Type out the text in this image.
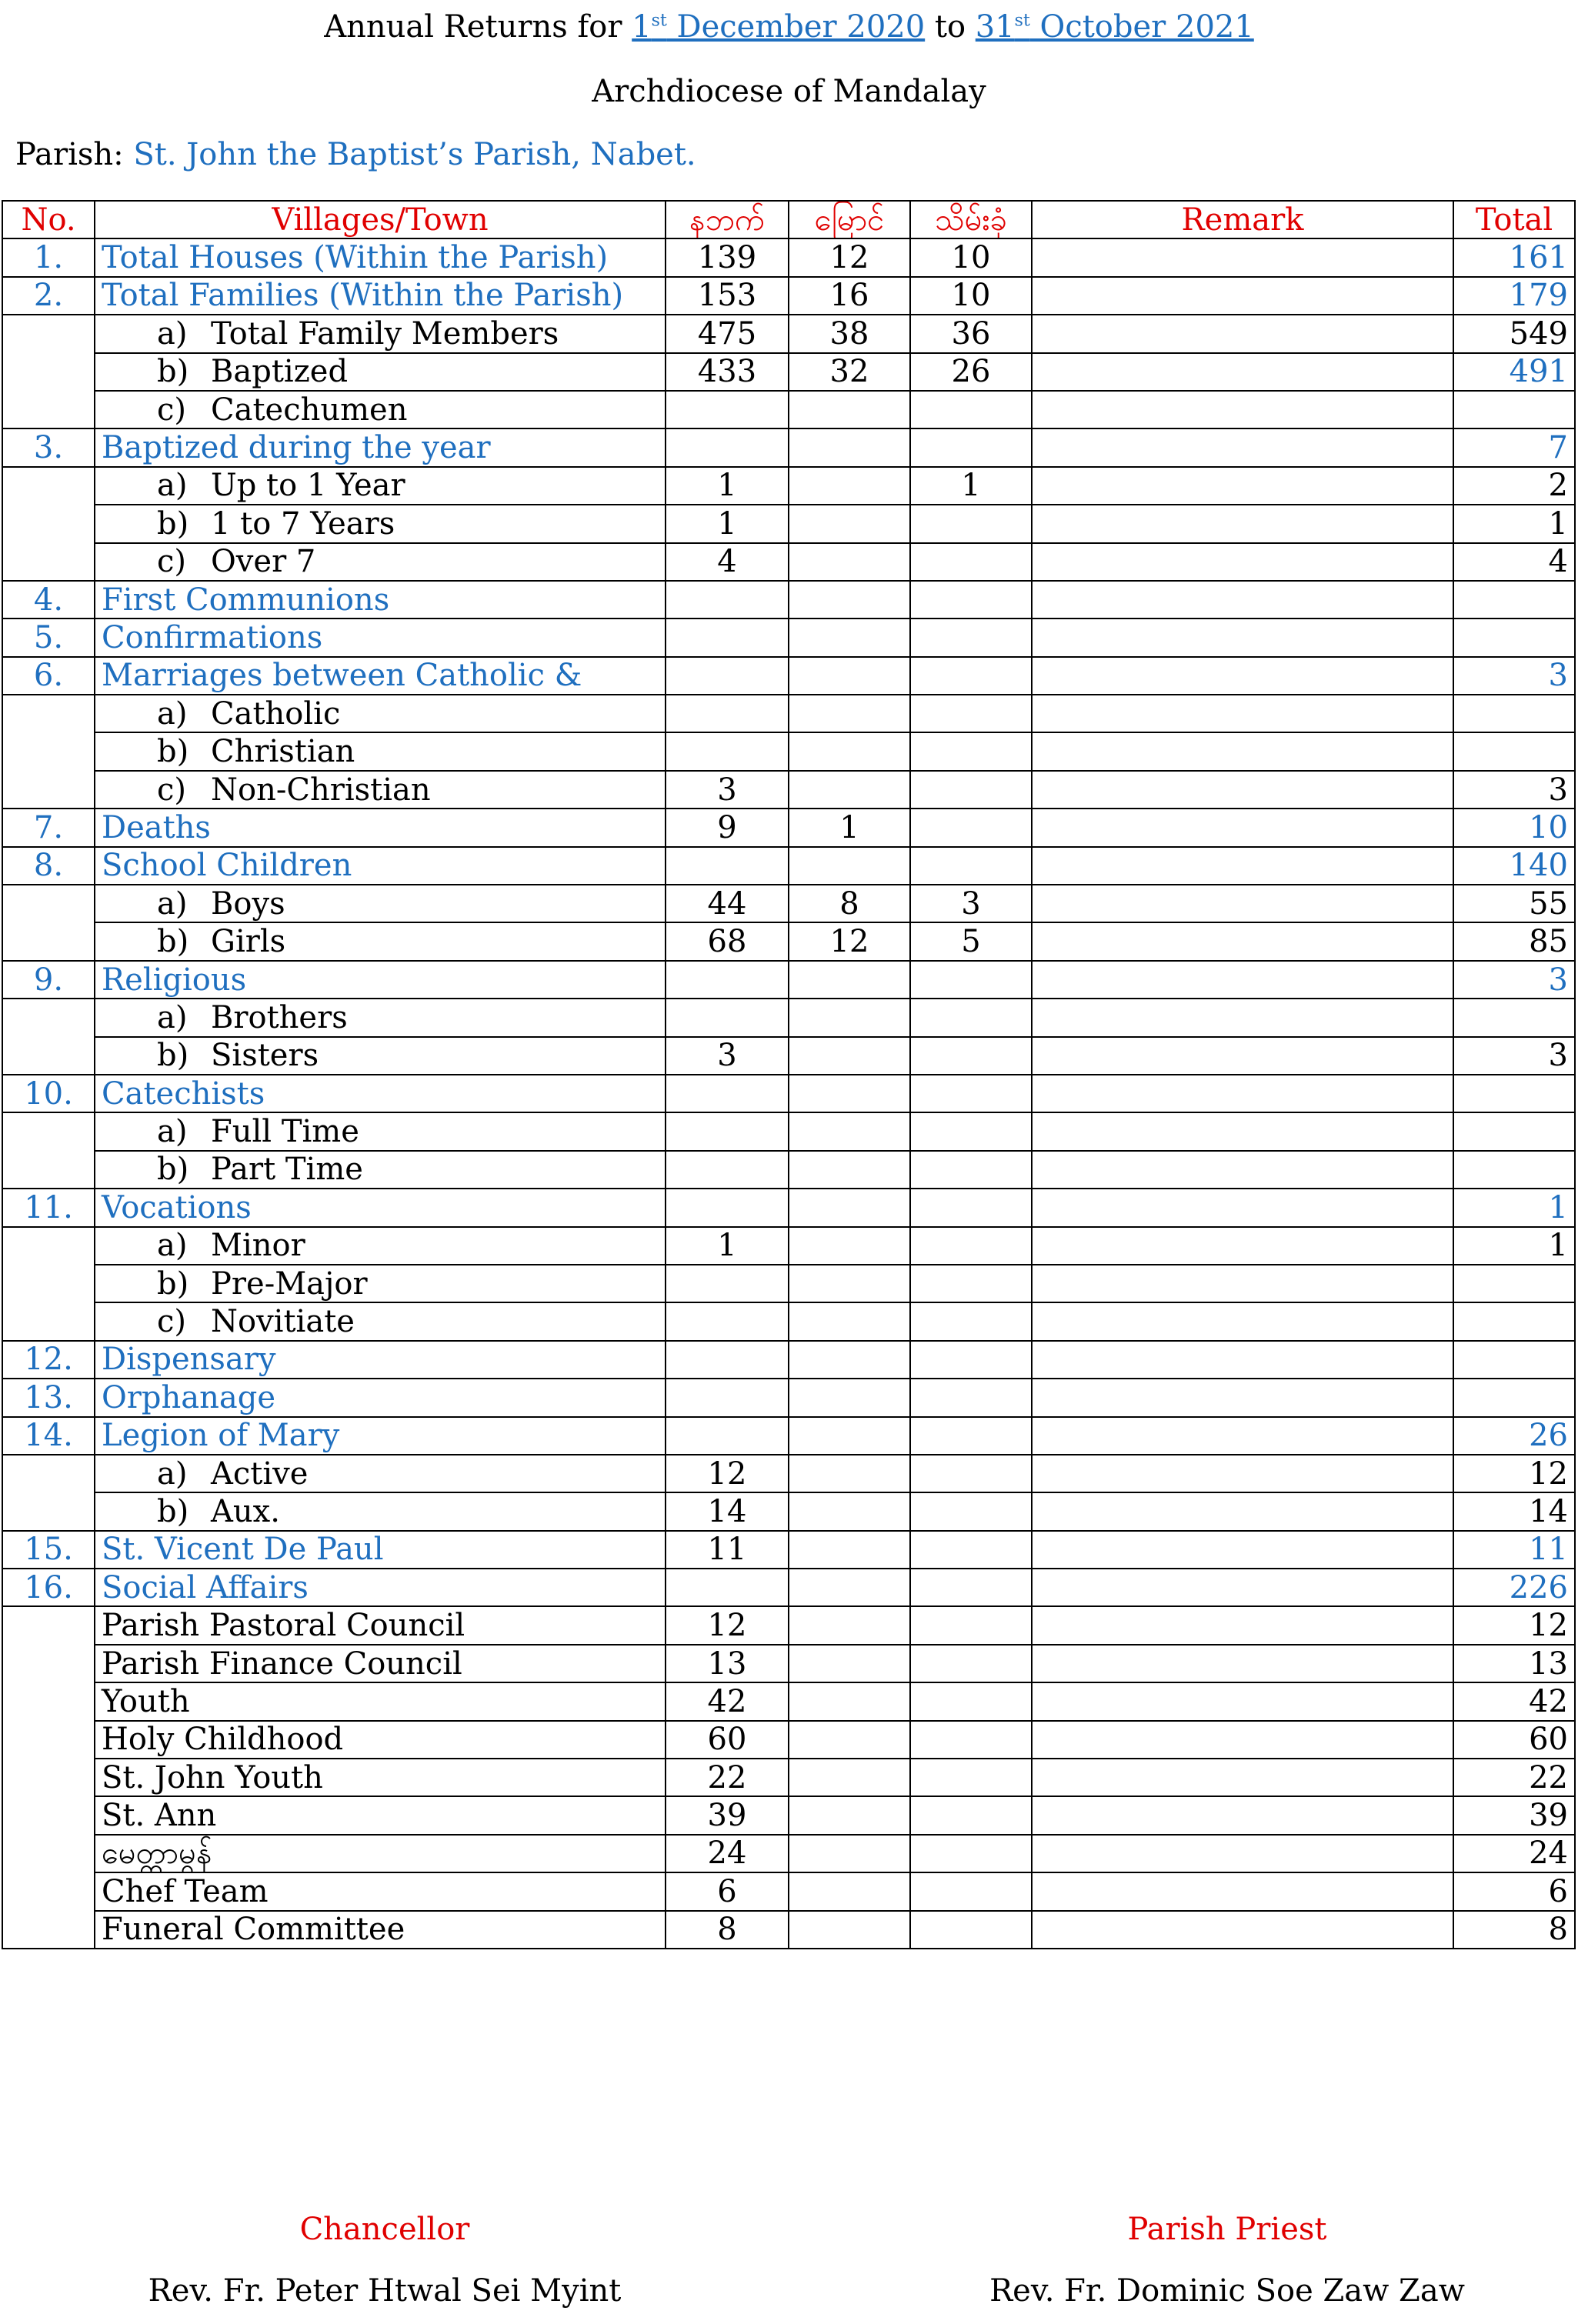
Annual Returns for 1st December 2020 to 31st October 2021
Archdiocese of Mandalay
Parish: St. John the Baptist’s Parish, Nabet.
No.	Villages/Town	နဘက်	မြောင်	သိမ်းခုံ	Remark	Total
1.	Total Houses (Within the Parish)	139	12	10		161
2.	Total Families (Within the Parish)	153	16	10		179
	a) Total Family Members	475	38	36		549
	b) Baptized	433	32	26		491
	c) Catechumen					
3.	Baptized during the year					7
	a) Up to 1 Year	1		1		2
	b) 1 to 7 Years	1				1
	c) Over 7	4				4
4.	First Communions					
5.	Confirmations					
6.	Marriages between Catholic &					3
	a) Catholic					
	b) Christian					
	c) Non-Christian	3				3
7.	Deaths	9	1			10
8.	School Children					140
	a) Boys	44	8	3		55
	b) Girls	68	12	5		85
9.	Religious					3
	a) Brothers					
	b) Sisters	3				3
10.	Catechists					
	a) Full Time					
	b) Part Time					
11.	Vocations					1
	a) Minor	1				1
	b) Pre-Major					
	c) Novitiate					
12.	Dispensary					
13.	Orphanage					
14.	Legion of Mary					26
	a) Active	12				12
	b) Aux.	14				14
15.	St. Vicent De Paul	11				11
16.	Social Affairs					226
	Parish Pastoral Council	12				12
	Parish Finance Council	13				13
	Youth	42				42
	Holy Childhood	60				60
	St. John Youth	22				22
	St. Ann	39				39
	မေတ္တာမွန်	24				24
	Chef Team	6				6
	Funeral Committee	8				8
Chancellor
Rev. Fr. Peter Htwal Sei Myint
Parish Priest
Rev. Fr. Dominic Soe Zaw Zaw
